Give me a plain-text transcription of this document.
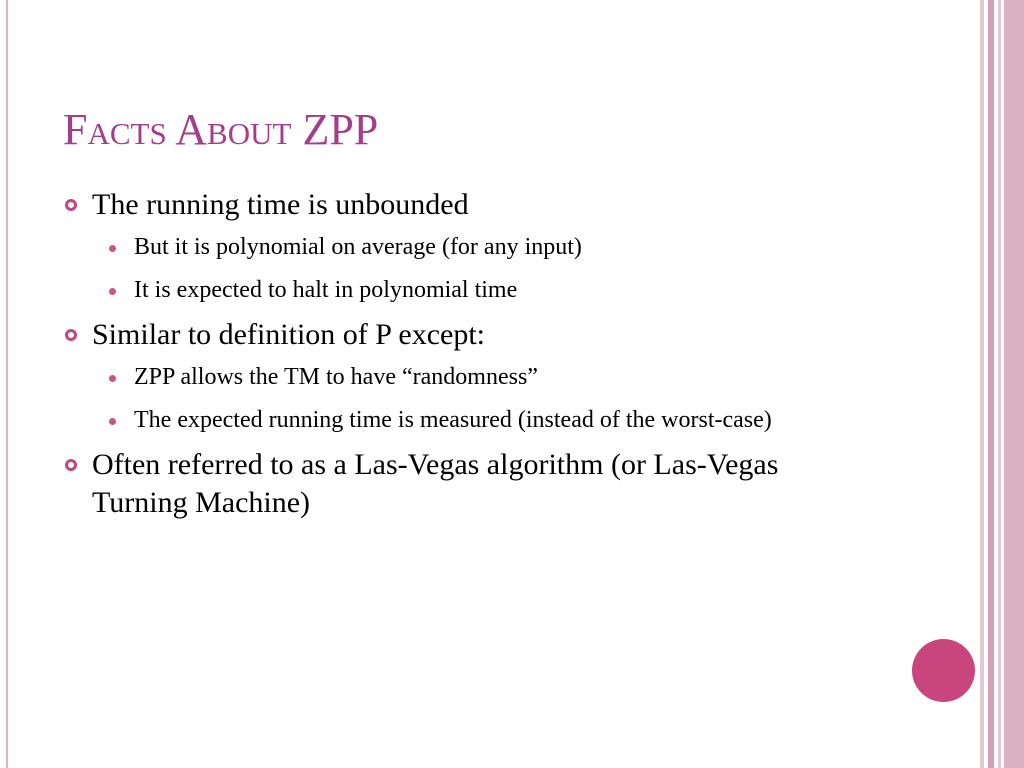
Facts About ZPP
The running time is unbounded
But it is polynomial on average (for any input)
It is expected to halt in polynomial time
Similar to definition of P except:
ZPP allows the TM to have “randomness”
The expected running time is measured (instead of the worst-case)
Often referred to as a Las-Vegas algorithm (or Las-Vegas Turning Machine)
